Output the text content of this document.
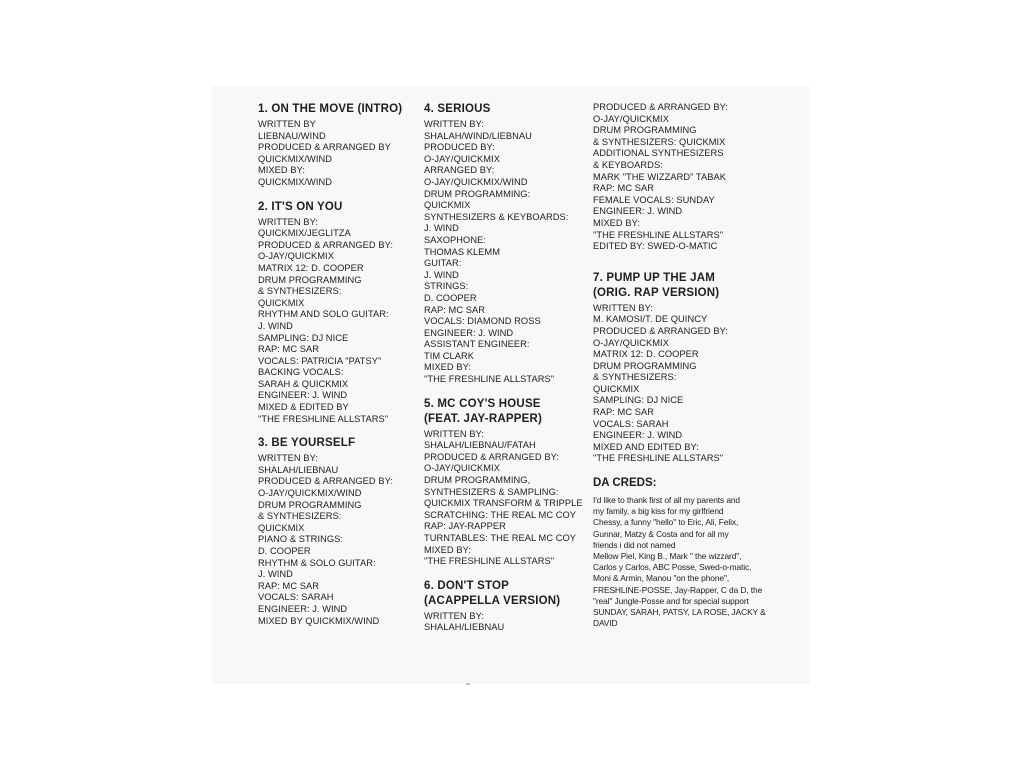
1. ON THE MOVE (INTRO)
WRITTEN BY
LIEBNAU/WIND
PRODUCED & ARRANGED BY
QUICKMIX/WIND
MIXED BY:
QUICKMIX/WIND
2. IT'S ON YOU
WRITTEN BY:
QUICKMIX/JEGLITZA
PRODUCED & ARRANGED BY:
O-JAY/QUICKMIX
MATRIX 12: D. COOPER
DRUM PROGRAMMING
& SYNTHESIZERS:
QUICKMIX
RHYTHM AND SOLO GUITAR:
J. WIND
SAMPLING: DJ NICE
RAP: MC SAR
VOCALS: PATRICIA "PATSY"
BACKING VOCALS:
SARAH & QUICKMIX
ENGINEER: J. WIND
MIXED & EDITED BY
"THE FRESHLINE ALLSTARS"
3. BE YOURSELF
WRITTEN BY:
SHALAH/LIEBNAU
PRODUCED & ARRANGED BY:
O-JAY/QUICKMIX/WIND
DRUM PROGRAMMING
& SYNTHESIZERS:
QUICKMIX
PIANO & STRINGS:
D. COOPER
RHYTHM & SOLO GUITAR:
J. WIND
RAP: MC SAR
VOCALS: SARAH
ENGINEER: J. WIND
MIXED BY QUICKMIX/WIND
4. SERIOUS
WRITTEN BY:
SHALAH/WIND/LIEBNAU
PRODUCED BY:
O-JAY/QUICKMIX
ARRANGED BY:
O-JAY/QUICKMIX/WIND
DRUM PROGRAMMING:
QUICKMIX
SYNTHESIZERS & KEYBOARDS:
J. WIND
SAXOPHONE:
THOMAS KLEMM
GUITAR:
J. WIND
STRINGS:
D. COOPER
RAP: MC SAR
VOCALS: DIAMOND ROSS
ENGINEER: J. WIND
ASSISTANT ENGINEER:
TIM CLARK
MIXED BY:
"THE FRESHLINE ALLSTARS"
5. MC COY'S HOUSE
(FEAT. JAY-RAPPER)
WRITTEN BY:
SHALAH/LIEBNAU/FATAH
PRODUCED & ARRANGED BY:
O-JAY/QUICKMIX
DRUM PROGRAMMING,
SYNTHESIZERS & SAMPLING:
QUICKMIX TRANSFORM & TRIPPLE
SCRATCHING: THE REAL MC COY
RAP: JAY-RAPPER
TURNTABLES: THE REAL MC COY
MIXED BY:
"THE FRESHLINE ALLSTARS"
6. DON'T STOP
(ACAPPELLA VERSION)
WRITTEN BY:
SHALAH/LIEBNAU
PRODUCED & ARRANGED BY:
O-JAY/QUICKMIX
DRUM PROGRAMMING
& SYNTHESIZERS: QUICKMIX
ADDITIONAL SYNTHESIZERS
& KEYBOARDS:
MARK "THE WIZZARD" TABAK
RAP: MC SAR
FEMALE VOCALS: SUNDAY
ENGINEER: J. WIND
MIXED BY:
"THE FRESHLINE ALLSTARS"
EDITED BY: SWED-O-MATIC
7. PUMP UP THE JAM
(ORIG. RAP VERSION)
WRITTEN BY:
M. KAMOSI/T. DE QUINCY
PRODUCED & ARRANGED BY:
O-JAY/QUICKMIX
MATRIX 12: D. COOPER
DRUM PROGRAMMING
& SYNTHESIZERS:
QUICKMIX
SAMPLING: DJ NICE
RAP: MC SAR
VOCALS: SARAH
ENGINEER: J. WIND
MIXED AND EDITED BY:
"THE FRESHLINE ALLSTARS"
DA CREDS:
I'd like to thank first of all my parents and
my family, a big kiss for my girlfriend
Chessy, a funny "hello" to Eric, Ali, Felix,
Gunnar, Matzy & Costa and for all my
friends i did not named
Mellow Piel, King B., Mark " the wizzard",
Carlos y Carlos, ABC Posse, Swed-o-matic,
Moni & Armin, Manou "on the phone",
FRESHLINE-POSSE, Jay-Rapper, C da D, the
"real" Jungle-Posse and for special support
SUNDAY, SARAH, PATSY, LA ROSE, JACKY &
DAVID
